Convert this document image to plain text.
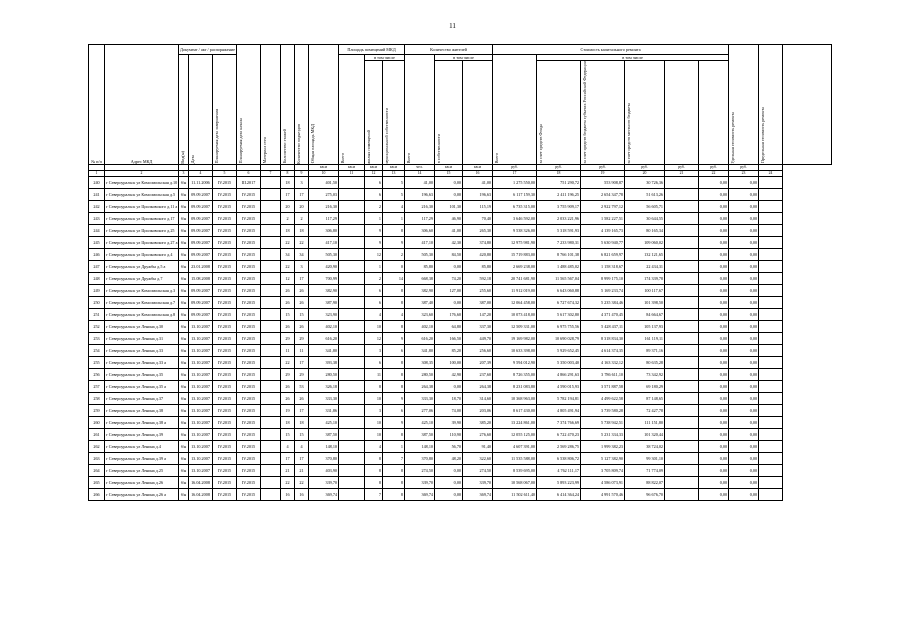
11
№ п/п	Адрес МКД	Документ / акт / распоряжение			Планируемая дата начала	Материал стен	Количество этажей	Количество подъездов	Общая площадь МКД	Площадь помещений МКД			Количество жителей			Стоимость капитального ремонта						Удельная стоимость ремонта	Предельная стоимость ремонта	

		Вид(ы)	Дата	Планируемая дата завершения						Всего	в том числе		Всего	в том числе		Всего	в том числе							

											жилых помещений	муниципальной собственности		в собственности			за счет средств Фонда	за счет средств бюджета субъекта Российской Федерации	за счет средств местного бюджета					

									кв.м	кв.м	кв.м	кв.м	чел.	кв.м	кв.м	руб.	руб.	руб.	руб.	руб.	руб.	руб.		
1	2	3	4	5	6	7	8	9	10	11	12	13	14	15	16	17	18	19	20	21	22	23	24	
240	г Североуральск ул Комсомольская д.10	б/н	11.11.2006	IV.2015	III.2017		18	3	401,50		6	5	41,00	0,00	41,00	1 275 550,00	751 290,72	553 908,87	30 726,36		0,00	0,00		
241	г Североуральск ул Комсомольская д.5	б/н	09.09.2007	IV.2015	IV.2015		17	17	275,03		6	5	196,63	0,00	196,63	6 117 159,30	2 411 196,25	2 654 347,78	51 613,26		0,00	0,00		
242	г Североуральск ул Циолковского д.11 а	б/н	09.09.2007	IV.2015	IV.2015		20	20	216,30		2	4	216,30	101,30	115,19	6 735 315,00	3 755 909,17	2 922 797,12	56 605,71		0,00	0,00		
243	г Североуральск ул Циолковского д.17	б/н	09.09.2007	IV.2015	IV.2015		2	2	117,29		1	1	117,29	46,90	70,40	3 646 592,00	2 033 221,96	1 582 227,51	30 644,55		0,00	0,00		
244	г Североуральск ул Циолковского д.25	б/н	09.09.2007	IV.2015	IV.2015		18	18	306,80		9	8	306,60	41,00	265,30	9 538 326,00	5 318 591,93	4 139 165,73	80 165,34		0,00	0,00		
245	г Североуральск ул Циолковского д.27 а	б/н	09.09.2007	IV.2015	IV.2015		22	22	417,10		9	9	417,10	42,30	374,80	12 975 981,90	7 233 980,31	5 630 940,77	109 060,02		0,00	0,00		
246	г Североуральск ул Циолковского д.4	б/н	09.09.2007	IV.2015	IV.2015		34	34	505,30		12	2	505,30	84,50	420,80	15 719 883,00	8 766 101,38	6 821 659,97	132 121,65		0,00	0,00		
247	г Североуральск ул Дружбы д.5 а	б/н	23.01.2008	IV.2015	IV.2015		22	3	420,90		1	0	85,80	0,00	85,80	2 669 238,00	1 488 485,02	1 158 318,67	22 434,31		0,00	0,00		
248	г Североуральск ул Дружбы д.7	б/н	15.08.2008	IV.2015	IV.2015		12	17	700,99		2	14	668,38	74,20	592,18	20 741 681,90	11 565 567,04	8 999 175,10	174 339,78		0,00	0,00		
249	г Североуральск ул Комсомольская д.3	б/н	09.09.2007	IV.2015	IV.2015		26	26	382,90		6	8	382,90	127,00	255,60	11 912 019,00	6 643 060,88	5 169 233,74	100 117,67		0,00	0,00		
250	г Североуральск ул Комсомольская д.7	б/н	09.09.2007	IV.2015	IV.2015		26	26	387,90		6	8	387,40	0,00	387,00	12 064 458,00	6 727 674,32	5 235 384,46	101 398,50		0,00	0,00		
251	г Североуральск ул Комсомольская д.8	б/н	09.09.2007	IV.2015	IV.2015		15	15	323,90		4	4	323,60	176,60	147,20	10 073 418,00	5 617 302,80	4 371 470,45	84 664,67		0,00	0,00		
252	г Североуральск ул Ленина д.30	б/н	13.10.2007	IV.2015	IV.2015		26	26	402,10		10	8	402,10	64,80	337,30	12 509 331,00	6 975 755,56	5 428 437,11	105 137,93		0,00	0,00		
253	г Североуральск ул Ленина д.31	б/н	13.10.2007	IV.2015	IV.2015		29	29	616,20		12	9	616,20	166,50	449,70	19 169 982,00	10 690 028,79	8 318 834,30	161 119,11		0,00	0,00		
254	г Североуральск ул Ленина д.33	б/н	13.10.2007	IV.2015	IV.2015		11	11	341,80		3	6	341,80	85,20	256,60	10 633 398,00	5 929 652,45	4 614 374,35	89 371,16		0,00	0,00		
255	г Североуральск ул Ленина д.33 а	б/н	13.10.2007	IV.2015	IV.2015		22	17	393,38		6	8	308,35	100,00	207,39	9 594 012,90	5 350 003,40	4 163 332,12	80 635,28		0,00	0,00		
256	г Североуральск ул Ленина д.35	б/н	13.10.2007	IV.2015	IV.2015		29	29	280,50		11	8	280,50	42,90	237,60	8 726 355,00	4 866 291,63	3 786 611,10	73 342,92		0,00	0,00		
257	г Североуральск ул Ленина д.35 а	б/н	13.10.2007	IV.2015	IV.2015		26	53	326,18		8	8	264,38	0,00	264,38	8 231 083,80	4 590 015,93	3 571 887,58	69 180,29		0,00	0,00		
258	г Североуральск ул Ленина д.37	б/н	13.10.2007	IV.2015	IV.2015		26	26	333,30		10	9	333,30	18,70	314,60	10 368 963,00	5 782 194,81	4 499 622,58	87 148,65		0,00	0,00		
259	г Североуральск ул Ленина д.38	б/н	13.10.2007	IV.2015	IV.2015		19	17	331,86		3	6	277,06	74,00	203,06	8 617 430,00	4 805 491,94	3 739 580,28	72 427,78		0,00	0,00		
260	г Североуральск ул Ленина д.38 а	б/н	13.10.2007	IV.2015	IV.2015		18	18	425,10		10	9	425,10	39,90	385,20	13 224 861,00	7 374 766,69	5 738 942,51	111 151,80		0,00	0,00		
261	г Североуральск ул Ленина д.39	б/н	13.10.2007	IV.2015	IV.2015		15	15	387,50		10	8	387,50	110,90	276,60	12 055 125,00	6 722 470,23	5 231 334,33	101 320,44		0,00	0,00		
262	г Североуральск ул Ленина д.4	б/н	13.10.2007	IV.2015	IV.2015		4	4	148,10		4	1	148,10	56,70	91,40	4 607 391,00	2 569 286,75	1 999 382,23	38 724,02		0,00	0,00		
263	г Североуральск ул Ленина д.39 а	б/н	13.10.2007	IV.2015	IV.2015		17	17	370,80		8	7	370,80	48,20	322,60	11 535 588,00	6 538 806,72	5 127 382,90	99 301,10		0,00	0,00		
264	г Североуральск ул Ленина д.25	б/н	13.10.2007	IV.2015	IV.2015		21	21	403,90		8	8	274,50	0,00	274,50	8 539 695,00	4 762 111,17	3 705 809,74	71 774,09		0,00	0,00		
265	г Североуральск ул Ленина д.26	б/н	16.04.2008	IV.2015	IV.2015		22	22	339,70		8	8	339,70	0,00	339,70	10 568 067,00	5 893 223,99	4 586 073,91	88 822,07		0,00	0,00		
266	г Североуральск ул Ленина д.26 а	б/н	16.04.2008	IV.2015	IV.2015		16	16	369,74		7	8	369,74	0,00	369,74	11 502 611,40	6 414 364,24	4 991 570,46	96 676,70		0,00	0,00		
